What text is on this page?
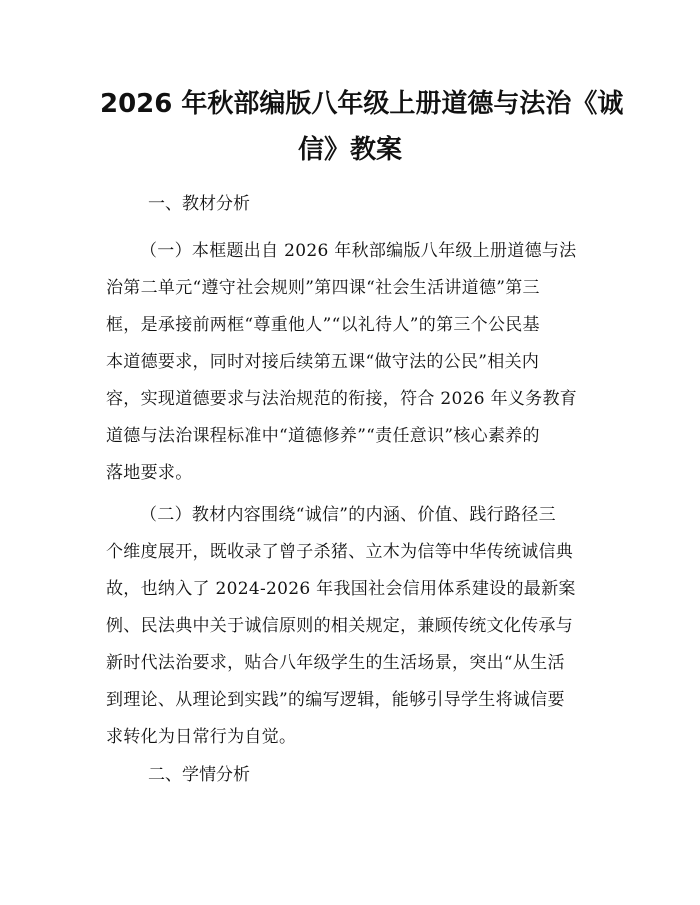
2026 年秋部编版八年级上册道德与法治《诚
信》教案

一、教材分析

（一）本框题出自 2026 年秋部编版八年级上册道德与法
治第二单元“遵守社会规则”第四课“社会生活讲道德”第三
框，是承接前两框“尊重他人”“以礼待人”的第三个公民基
本道德要求，同时对接后续第五课“做守法的公民”相关内
容，实现道德要求与法治规范的衔接，符合 2026 年义务教育
道德与法治课程标准中“道德修养”“责任意识”核心素养的
落地要求。
（二）教材内容围绕“诚信”的内涵、价值、践行路径三
个维度展开，既收录了曾子杀猪、立木为信等中华传统诚信典
故，也纳入了 2024-2026 年我国社会信用体系建设的最新案
例、民法典中关于诚信原则的相关规定，兼顾传统文化传承与
新时代法治要求，贴合八年级学生的生活场景，突出“从生活
到理论、从理论到实践”的编写逻辑，能够引导学生将诚信要
求转化为日常行为自觉。

二、学情分析
